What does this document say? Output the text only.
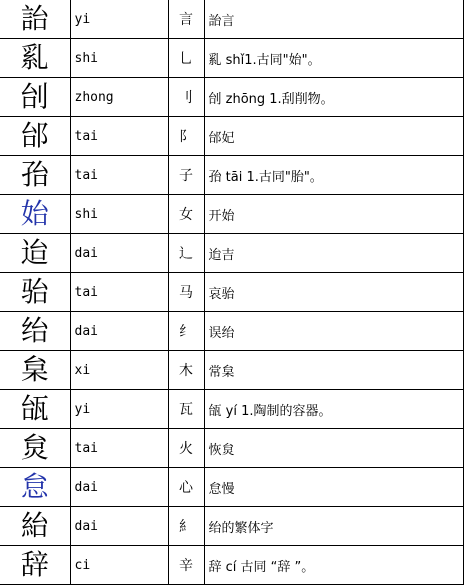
詒	yi	言	詒言
乿	shi	乚	乿 shǐ1.古同"始"。
刣	zhong	刂	刣 zhōng 1.刮削物。
邰	tai	阝	邰妃
孡	tai	子	孡 tāi 1.古同"胎"。
始	shi	女	开始
迨	dai	辶	迨吉
骀	tai	马	哀骀
绐	dai	纟	误绐
枲	xi	木	常枲
瓵	yi	瓦	瓵 yí 1.陶制的容器。
炱	tai	火	恢炱
怠	dai	心	怠慢
紿	dai	糹	绐的繁体字
辞	ci	辛	辞 cí 古同 “辞 ”。
